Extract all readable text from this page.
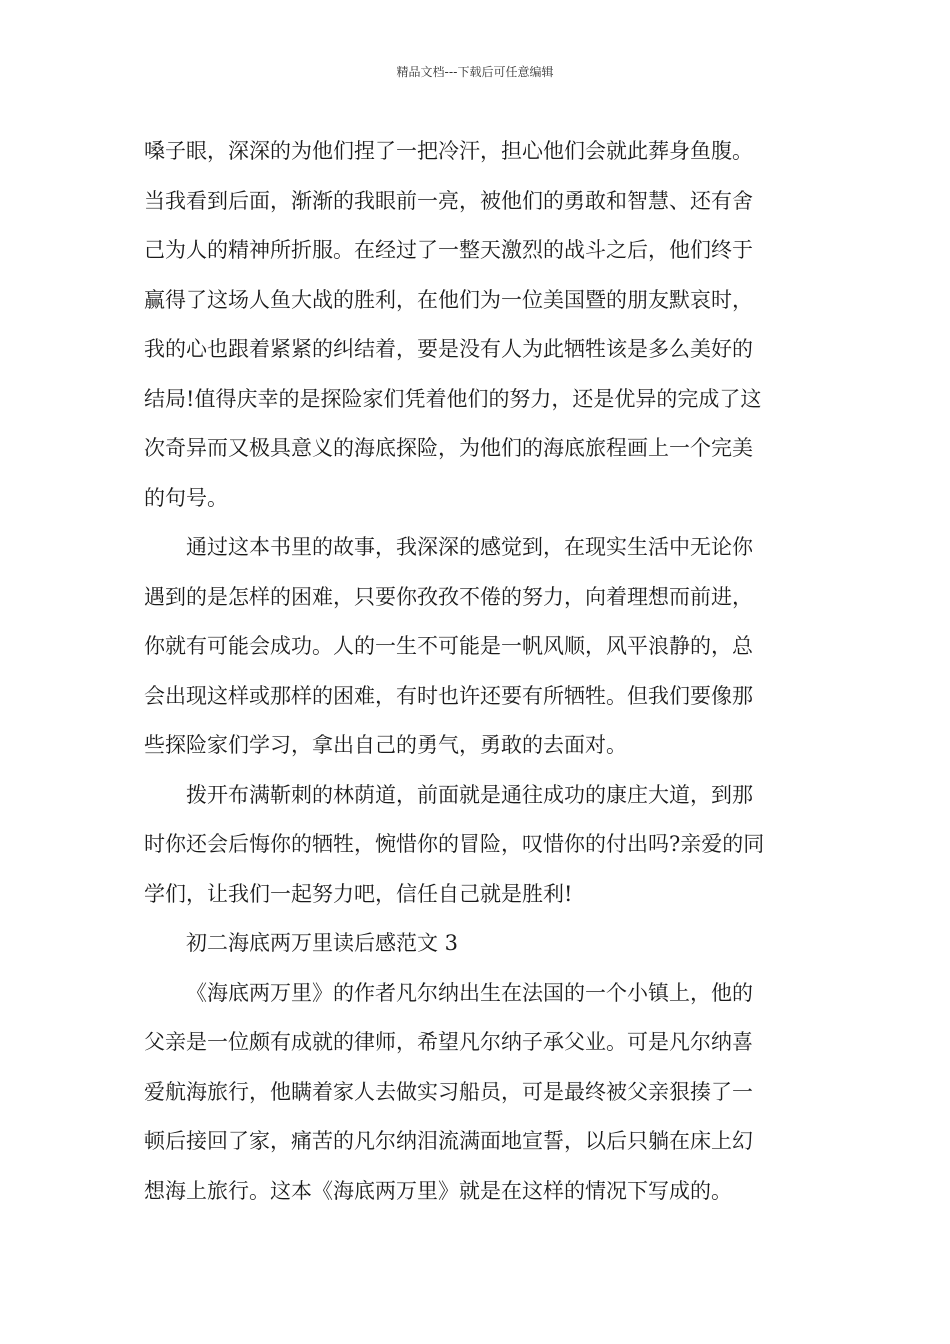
精品文档---下载后可任意编辑
嗓子眼，深深的为他们捏了一把冷汗，担心他们会就此葬身鱼腹。
当我看到后面，渐渐的我眼前一亮，被他们的勇敢和智慧、还有舍
己为人的精神所折服。在经过了一整天激烈的战斗之后，他们终于
赢得了这场人鱼大战的胜利，在他们为一位美国暨的朋友默哀时，
我的心也跟着紧紧的纠结着，要是没有人为此牺牲该是多么美好的
结局!值得庆幸的是探险家们凭着他们的努力，还是优异的完成了这
次奇异而又极具意义的海底探险，为他们的海底旅程画上一个完美
的句号。
通过这本书里的故事，我深深的感觉到，在现实生活中无论你
遇到的是怎样的困难，只要你孜孜不倦的努力，向着理想而前进，
你就有可能会成功。人的一生不可能是一帆风顺，风平浪静的，总
会出现这样或那样的困难，有时也许还要有所牺牲。但我们要像那
些探险家们学习，拿出自己的勇气，勇敢的去面对。
拨开布满靳刺的林荫道，前面就是通往成功的康庄大道，到那
时你还会后悔你的牺牲，惋惜你的冒险，叹惜你的付出吗?亲爱的同
学们，让我们一起努力吧，信任自己就是胜利!
初二海底两万里读后感范文 3
《海底两万里》的作者凡尔纳出生在法国的一个小镇上，他的
父亲是一位颇有成就的律师，希望凡尔纳子承父业。可是凡尔纳喜
爱航海旅行，他瞒着家人去做实习船员，可是最终被父亲狠揍了一
顿后接回了家，痛苦的凡尔纳泪流满面地宣誓，以后只躺在床上幻
想海上旅行。这本《海底两万里》就是在这样的情况下写成的。
